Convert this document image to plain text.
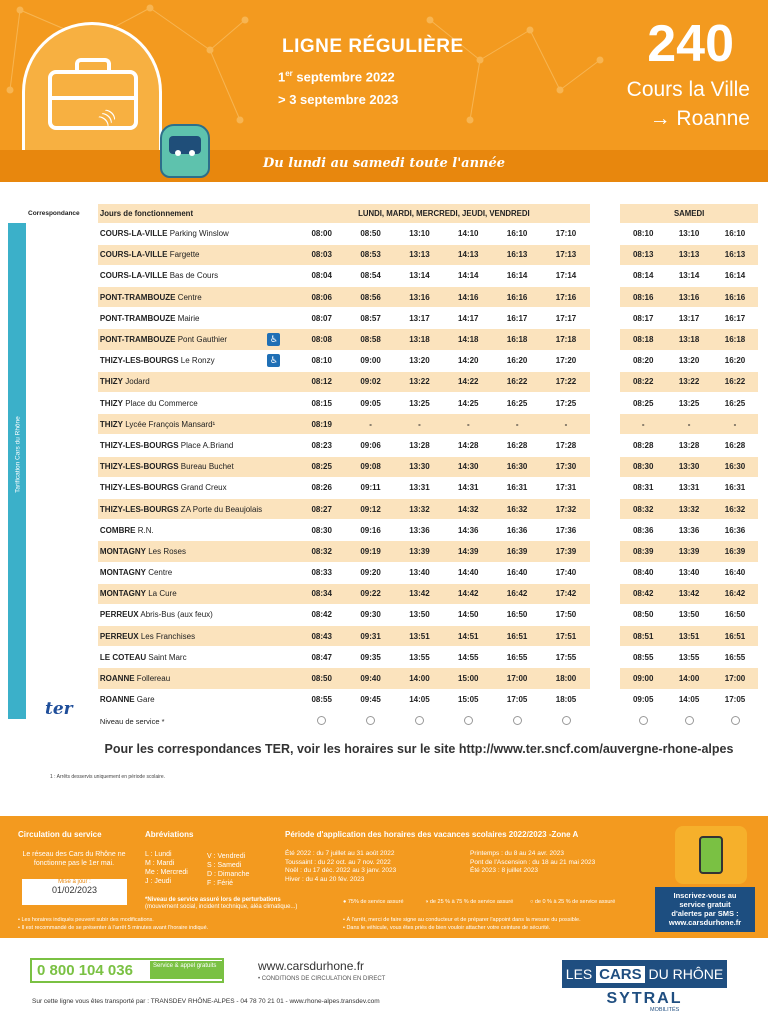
)))
LIGNE RÉGULIÈRE
1er septembre 2022
> 3 septembre 2023
240
Cours la Ville
→ Roanne
Du lundi au samedi toute l'année
Tarification Cars du Rhône
Correspondance	Jours de fonctionnement		LUNDI, MARDI, MERCREDI, JEUDI, VENDREDI							SAMEDI		
	COURS-LA-VILLE Parking Winslow		08:00	08:50	13:10	14:10	16:10	17:10		08:10	13:10	16:10
	COURS-LA-VILLE Fargette		08:03	08:53	13:13	14:13	16:13	17:13		08:13	13:13	16:13
	COURS-LA-VILLE Bas de Cours		08:04	08:54	13:14	14:14	16:14	17:14		08:14	13:14	16:14
	PONT-TRAMBOUZE Centre		08:06	08:56	13:16	14:16	16:16	17:16		08:16	13:16	16:16
	PONT-TRAMBOUZE Mairie		08:07	08:57	13:17	14:17	16:17	17:17		08:17	13:17	16:17
	PONT-TRAMBOUZE Pont Gauthier	♿	08:08	08:58	13:18	14:18	16:18	17:18		08:18	13:18	16:18
	THIZY-LES-BOURGS Le Ronzy	♿	08:10	09:00	13:20	14:20	16:20	17:20		08:20	13:20	16:20
	THIZY Jodard		08:12	09:02	13:22	14:22	16:22	17:22		08:22	13:22	16:22
	THIZY Place du Commerce		08:15	09:05	13:25	14:25	16:25	17:25		08:25	13:25	16:25
	THIZY Lycée François Mansard¹		08:19	-	-	-	-	-		-	-	-
	THIZY-LES-BOURGS Place A.Briand		08:23	09:06	13:28	14:28	16:28	17:28		08:28	13:28	16:28
	THIZY-LES-BOURGS Bureau Buchet		08:25	09:08	13:30	14:30	16:30	17:30		08:30	13:30	16:30
	THIZY-LES-BOURGS Grand Creux		08:26	09:11	13:31	14:31	16:31	17:31		08:31	13:31	16:31
	THIZY-LES-BOURGS ZA Porte du Beaujolais		08:27	09:12	13:32	14:32	16:32	17:32		08:32	13:32	16:32
	COMBRE R.N.		08:30	09:16	13:36	14:36	16:36	17:36		08:36	13:36	16:36
	MONTAGNY Les Roses		08:32	09:19	13:39	14:39	16:39	17:39		08:39	13:39	16:39
	MONTAGNY Centre		08:33	09:20	13:40	14:40	16:40	17:40		08:40	13:40	16:40
	MONTAGNY La Cure		08:34	09:22	13:42	14:42	16:42	17:42		08:42	13:42	16:42
	PERREUX Abris-Bus (aux feux)		08:42	09:30	13:50	14:50	16:50	17:50		08:50	13:50	16:50
	PERREUX Les Franchises		08:43	09:31	13:51	14:51	16:51	17:51		08:51	13:51	16:51
	LE COTEAU Saint Marc		08:47	09:35	13:55	14:55	16:55	17:55		08:55	13:55	16:55
	ROANNE Follereau		08:50	09:40	14:00	15:00	17:00	18:00		09:00	14:00	17:00
	ROANNE Gare		08:55	09:45	14:05	15:05	17:05	18:05		09:05	14:05	17:05
	Niveau de service *											
ter
Pour les correspondances TER, voir les horaires sur le site http://www.ter.sncf.com/auvergne-rhone-alpes
1 : Arrêts desservis uniquement en période scolaire.
Circulation du service
Le réseau des Cars du Rhône ne fonctionne pas le 1er mai.
Mise à jour :
01/02/2023
Abréviations
L : Lundi
M : Mardi
Me : Mercredi
J : Jeudi
V : Vendredi
S : Samedi
D : Dimanche
F : Férié
*Niveau de service assuré lors de perturbations
(mouvement social, incident technique, aléa climatique...)
Période d'application des horaires des vacances scolaires 2022/2023 -Zone A
Été 2022 : du 7 juillet au 31 août 2022
Toussaint : du 22 oct. au 7 nov. 2022
Noël : du 17 déc. 2022 au 3 janv. 2023
Hiver : du 4 au 20 fév. 2023
Printemps : du 8 au 24 avr. 2023
Pont de l'Ascension : du 18 au 21 mai 2023
Été 2023 : 8 juillet 2023
● 75% de service assuré	◑ de 25 % à 75 % de service assuré	○ de 0 % à 25 % de service assuré
• Les horaires indiqués peuvent subir des modifications.
• Il est recommandé de se présenter à l'arrêt 5 minutes avant l'horaire indiqué.
• À l'arrêt, merci de faire signe au conducteur et de préparer l'appoint dans la mesure du possible.
• Dans le véhicule, vous êtes priés de bien vouloir attacher votre ceinture de sécurité.
Inscrivez-vous au
service gratuit
d'alertes par SMS :
www.carsdurhone.fr
0 800 104 036	Service & appel gratuits	www.carsdurhone.fr
• CONDITIONS DE CIRCULATION EN DIRECT	LES CARS DU RHÔNE
SYTRAL
MOBILITÉS
Sur cette ligne vous êtes transporté par : TRANSDEV RHÔNE-ALPES - 04 78 70 21 01 - www.rhone-alpes.transdev.com
